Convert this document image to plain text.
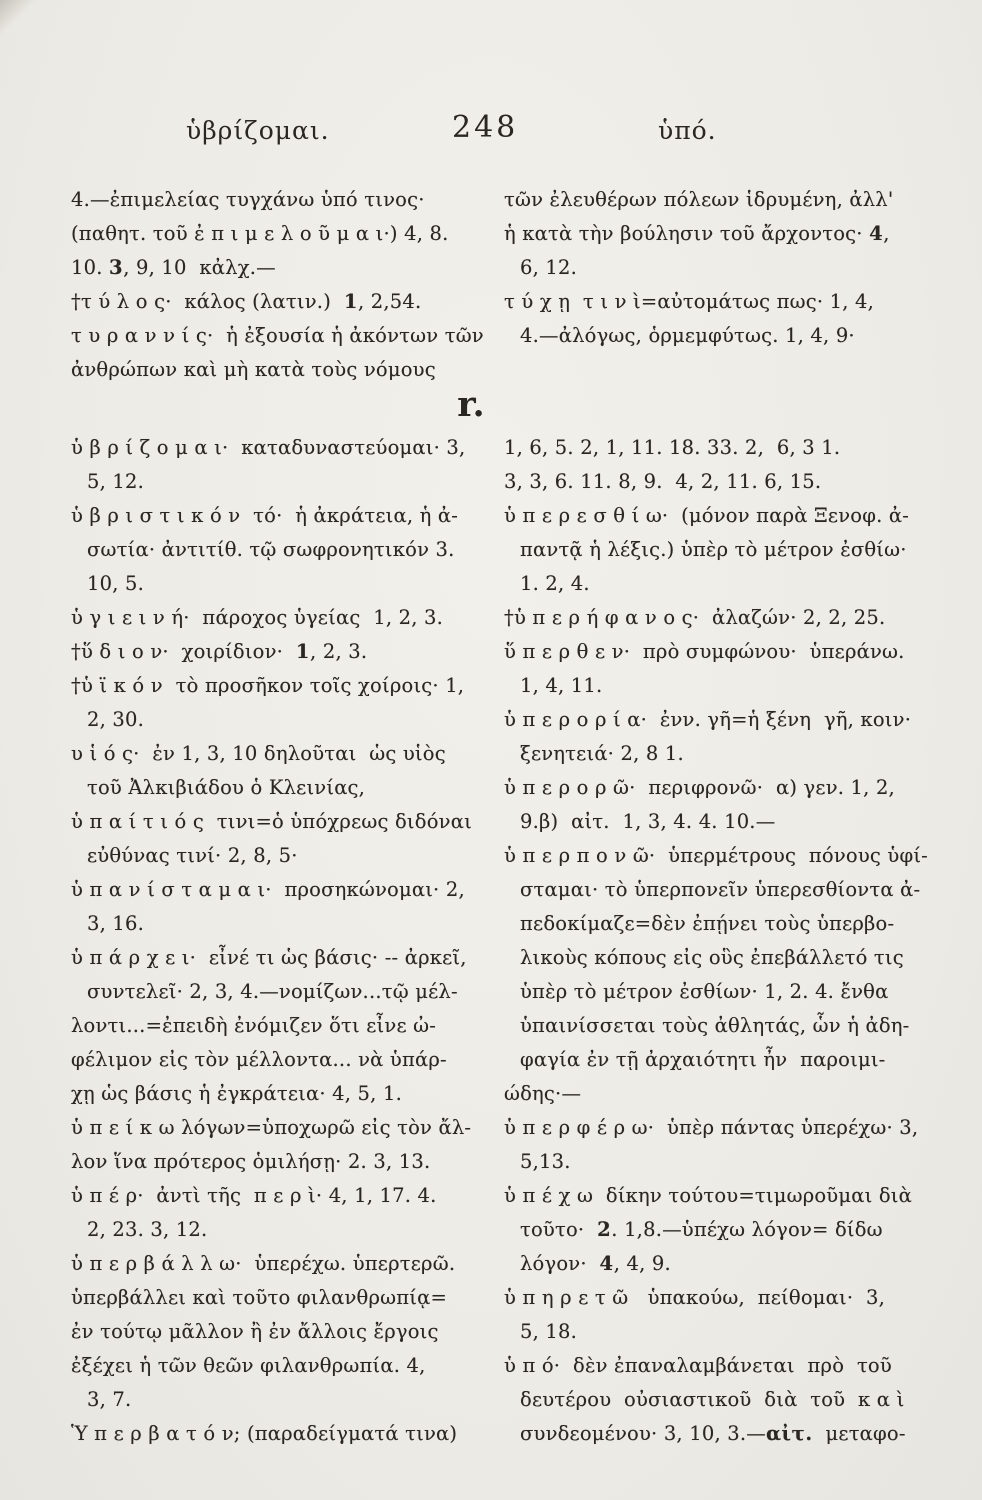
ὑβρίζομαι.	248	ὑπό.
4.—ἐπιμελείας τυγχάνω ὑπό τινος·
(παθητ. τοῦ ἐ π ι μ ε λ ο ῦ μ α ι·) 4, 8.
10. 3, 9, 10  κἀλχ.—
†τ ύ λ ο ς·  κάλος (λατιν.)  1, 2,54.
τ υ ρ α ν ν ί ς·  ἡ ἐξουσία ἡ ἀκόντων τῶν
ἀνθρώπων καὶ μὴ κατὰ τοὺς νόμους
τῶν ἐλευθέρων πόλεων ἱδρυμένη, ἀλλ'
ἡ κατὰ τὴν βούλησιν τοῦ ἄρχοντος· 4,
6, 12.
τ ύ χ ῃ  τ ι ν ὶ=αὐτομάτως πως· 1, 4,
4.—ἀλόγως, ὁρμεμφύτως. 1, 4, 9·
r.
ὑ β ρ ί ζ ο μ α ι·  καταδυναστεύομαι· 3,
5, 12.
ὑ β ρ ι σ τ ι κ ό ν  τό·  ἡ ἀκράτεια, ἡ ἀ-
σωτία· ἀντιτίθ. τῷ σωφρονητικόν 3.
10, 5.
ὑ γ ι ε ι ν ή·  πάροχος ὑγείας  1, 2, 3.
†ὕ δ ι ο ν·  χοιρίδιον·  1, 2, 3.
†ὑ ϊ κ ό ν  τὸ προσῆκον τοῖς χοίροις· 1,
2, 30.
υ ἱ ό ς·  ἐν 1, 3, 10 δηλοῦται  ὡς υἱὸς
τοῦ Ἀλκιβιάδου ὁ Κλεινίας,
ὑ π α ί τ ι ό ς  τινι=ὁ ὑπόχρεως διδόναι
εὐθύνας τινί· 2, 8, 5·
ὑ π α ν ί σ τ α μ α ι·  προσηκώνομαι· 2,
3, 16.
ὑ π ά ρ χ ε ι·  εἶνέ τι ὡς βάσις· -- ἀρκεῖ,
συντελεῖ· 2, 3, 4.—νομίζων...τῷ μέλ-
λοντι...=ἐπειδὴ ἐνόμιζεν ὅτι εἶνε ὠ-
φέλιμον εἰς τὸν μέλλοντα... νὰ ὑπάρ-
χῃ ὡς βάσις ἡ ἐγκράτεια· 4, 5, 1.
ὑ π ε ί κ ω λόγων=ὑποχωρῶ εἰς τὸν ἄλ-
λον ἵνα πρότερος ὁμιλήσῃ· 2. 3, 13.
ὑ π έ ρ·  ἀντὶ τῆς  π ε ρ ὶ· 4, 1, 17. 4.
2, 23. 3, 12.
ὑ π ε ρ β ά λ λ ω·  ὑπερέχω. ὑπερτερῶ.
ὑπερβάλλει καὶ τοῦτο φιλανθρωπίᾳ=
ἐν τούτῳ μᾶλλον ἢ ἐν ἄλλοις ἔργοις
ἐξέχει ἡ τῶν θεῶν φιλανθρωπία. 4,
3, 7.
Ὑ π ε ρ β α τ ό ν; (παραδείγματά τινα)
1, 6, 5. 2, 1, 11. 18. 33. 2,  6, 3 1.
3, 3, 6. 11. 8, 9.  4, 2, 11. 6, 15.
ὑ π ε ρ ε σ θ ί ω·  (μόνον παρὰ Ξενοφ. ἀ-
παντᾷ ἡ λέξις.) ὑπὲρ τὸ μέτρον ἐσθίω·
1. 2, 4.
†ὑ π ε ρ ή φ α ν ο ς·  ἀλαζών· 2, 2, 25.
ὕ π ε ρ θ ε ν·  πρὸ συμφώνου·  ὑπεράνω.
1, 4, 11.
ὑ π ε ρ ο ρ ί α·  ἐνν. γῆ=ἡ ξένη  γῆ, κοιν·
ξενητειά· 2, 8 1.
ὑ π ε ρ ο ρ ῶ·  περιφρονῶ·  α) γεν. 1, 2,
9.β)  αἰτ.  1, 3, 4. 4. 10.—
ὑ π ε ρ π ο ν ῶ·  ὑπερμέτρους  πόνους ὑφί-
σταμαι· τὸ ὑπερπονεῖν ὑπερεσθίοντα ἀ-
πεδοκίμαζε=δὲν ἐπῄνει τοὺς ὑπερβο-
λικοὺς κόπους εἰς οὓς ἐπεβάλλετό τις
ὑπὲρ τὸ μέτρον ἐσθίων· 1, 2. 4. ἔνθα
ὑπαινίσσεται τοὺς ἀθλητάς, ὧν ἡ ἀδη-
φαγία ἐν τῇ ἀρχαιότητι ἦν  παροιμι-
ώδης·—
ὑ π ε ρ φ έ ρ ω·  ὑπὲρ πάντας ὑπερέχω· 3,
5,13.
ὑ π έ χ ω  δίκην τούτου=τιμωροῦμαι διὰ
τοῦτο·  2. 1,8.—ὑπέχω λόγον= δίδω
λόγον·  4, 4, 9.
ὑ π η ρ ε τ ῶ   ὑπακούω,  πείθομαι·  3,
5, 18.
ὑ π ό·  δὲν ἐπαναλαμβάνεται  πρὸ  τοῦ
δευτέρου  οὐσιαστικοῦ  διὰ  τοῦ  κ α ὶ
συνδεομένου· 3, 10, 3.—αἰτ.  μεταφο-
